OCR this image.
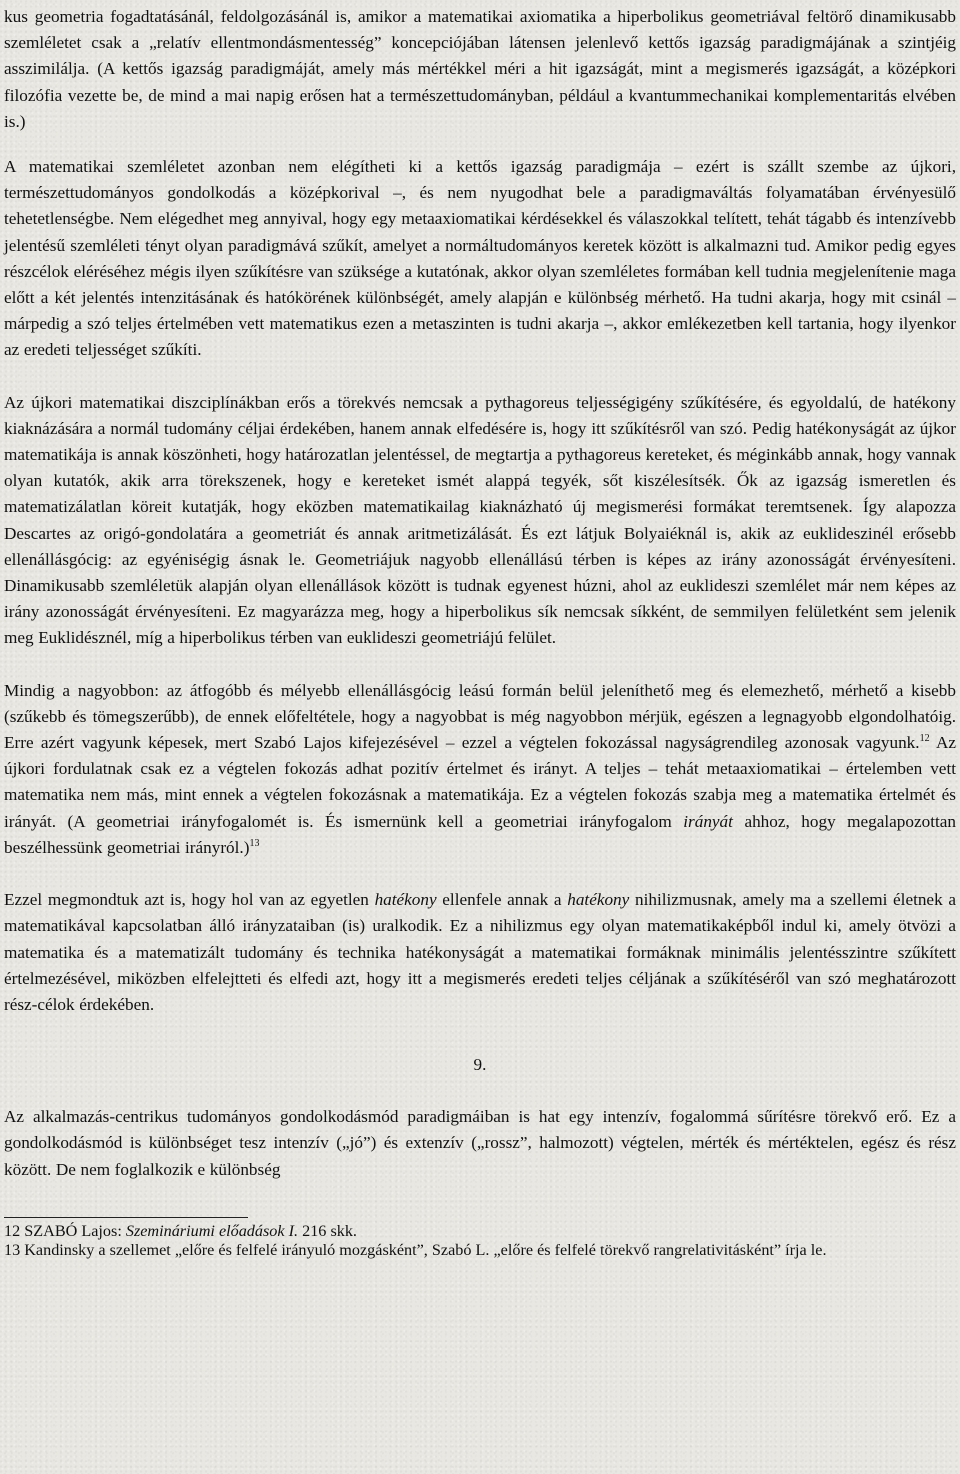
kus geometria fogadtatásánál, feldolgozásánál is, amikor a matematikai axiomatika a hiperbolikus geometriával feltörő dinamikusabb szemléletet csak a „relatív ellentmondásmentesség” koncepciójában látensen jelenlevő kettős igazság paradigmájának a szintjéig asszimilálja. (A kettős igazság paradigmáját, amely más mértékkel méri a hit igazságát, mint a megismerés igazságát, a középkori filozófia vezette be, de mind a mai napig erősen hat a természettudományban, például a kvantummechanikai komplementaritás elvében is.)

A matematikai szemléletet azonban nem elégítheti ki a kettős igazság paradigmája – ezért is szállt szembe az újkori, természettudományos gondolkodás a középkorival –, és nem nyugodhat bele a paradigmaváltás folyamatában érvényesülő tehetetlenségbe. Nem elégedhet meg annyival, hogy egy metaaxiomatikai kérdésekkel és válaszokkal telített, tehát tágabb és intenzívebb jelentésű szemléleti tényt olyan paradigmává szűkít, amelyet a normáltudományos keretek között is alkalmazni tud. Amikor pedig egyes részcélok eléréséhez mégis ilyen szűkítésre van szüksége a kutatónak, akkor olyan szemléletes formában kell tudnia megjelenítenie maga előtt a két jelentés intenzitásának és hatókörének különbségét, amely alapján e különbség mérhető. Ha tudni akarja, hogy mit csinál – márpedig a szó teljes értelmében vett matematikus ezen a metaszinten is tudni akarja –, akkor emlékezetben kell tartania, hogy ilyenkor az eredeti teljességet szűkíti.

Az újkori matematikai diszciplínákban erős a törekvés nemcsak a pythagoreus teljességigény szűkítésére, és egyoldalú, de hatékony kiaknázására a normál tudomány céljai érdekében, hanem annak elfedésére is, hogy itt szűkítésről van szó. Pedig hatékonyságát az újkor matematikája is annak köszönheti, hogy határozatlan jelentéssel, de megtartja a pythagoreus kereteket, és méginkább annak, hogy vannak olyan kutatók, akik arra törekszenek, hogy e kereteket ismét alappá tegyék, sőt kiszélesítsék. Ők az igazság ismeretlen és matematizálatlan köreit kutatják, hogy eközben matematikailag kiaknázható új megismerési formákat teremtsenek. Így alapozza Descartes az origó-gondolatára a geometriát és annak aritmetizálását. És ezt látjuk Bolyaiéknál is, akik az euklideszinél erősebb ellenállásgócig: az egyéniségig ásnak le. Geometriájuk nagyobb ellenállású térben is képes az irány azonosságát érvényesíteni. Dinamikusabb szemléletük alapján olyan ellenállások között is tudnak egyenest húzni, ahol az euklideszi szemlélet már nem képes az irány azonosságát érvényesíteni. Ez magyarázza meg, hogy a hiperbolikus sík nemcsak síkként, de semmilyen felületként sem jelenik meg Euklidésznél, míg a hiperbolikus térben van euklideszi geometriájú felület.

Mindig a nagyobbon: az átfogóbb és mélyebb ellenállásgócig leású formán belül jeleníthető meg és elemezhető, mérhető a kisebb (szűkebb és tömegszerűbb), de ennek előfeltétele, hogy a nagyobbat is még nagyobbon mérjük, egészen a legnagyobb elgondolhatóig. Erre azért vagyunk képesek, mert Szabó Lajos kifejezésével – ezzel a végtelen fokozással nagyságrendileg azonosak vagyunk.$^{12}$ Az újkori fordulatnak csak ez a végtelen fokozás adhat pozitív értelmet és irányt. A teljes – tehát metaaxiomatikai – értelemben vett matematika nem más, mint ennek a végtelen fokozásnak a matematikája. Ez a végtelen fokozás szabja meg a matematika értelmét és irányát. (A geometriai irányfogalomét is. És ismernünk kell a geometriai irányfogalom irányát ahhoz, hogy megalapozottan beszélhessünk geometriai irányról.)$^{13}$

Ezzel megmondtuk azt is, hogy hol van az egyetlen hatékony ellenfele annak a hatékony nihilizmusnak, amely ma a szellemi életnek a matematikával kapcsolatban álló irányzataiban (is) uralkodik. Ez a nihilizmus egy olyan matematikaképből indul ki, amely ötvözi a matematika és a matematizált tudomány és technika hatékonyságát a matematikai formáknak minimális jelentésszintre szűkített értelmezésével, miközben elfelejtteti és elfedi azt, hogy itt a megismerés eredeti teljes céljának a szűkítéséről van szó meghatározott rész-célok érdekében.

9.

Az alkalmazás-centrikus tudományos gondolkodásmód paradigmáiban is hat egy intenzív, fogalommá sűrítésre törekvő erő. Ez a gondolkodásmód is különbséget tesz intenzív („jó”) és extenzív („rossz”, halmozott) végtelen, mérték és mértéktelen, egész és rész között. De nem foglalkozik e különbség

12 SZABÓ Lajos: Szemináriumi előadások I. 216 skk.

13 Kandinsky a szellemet „előre és felfelé irányuló mozgásként”, Szabó L. „előre és felfelé törekvő rangrelativitásként” írja le.
